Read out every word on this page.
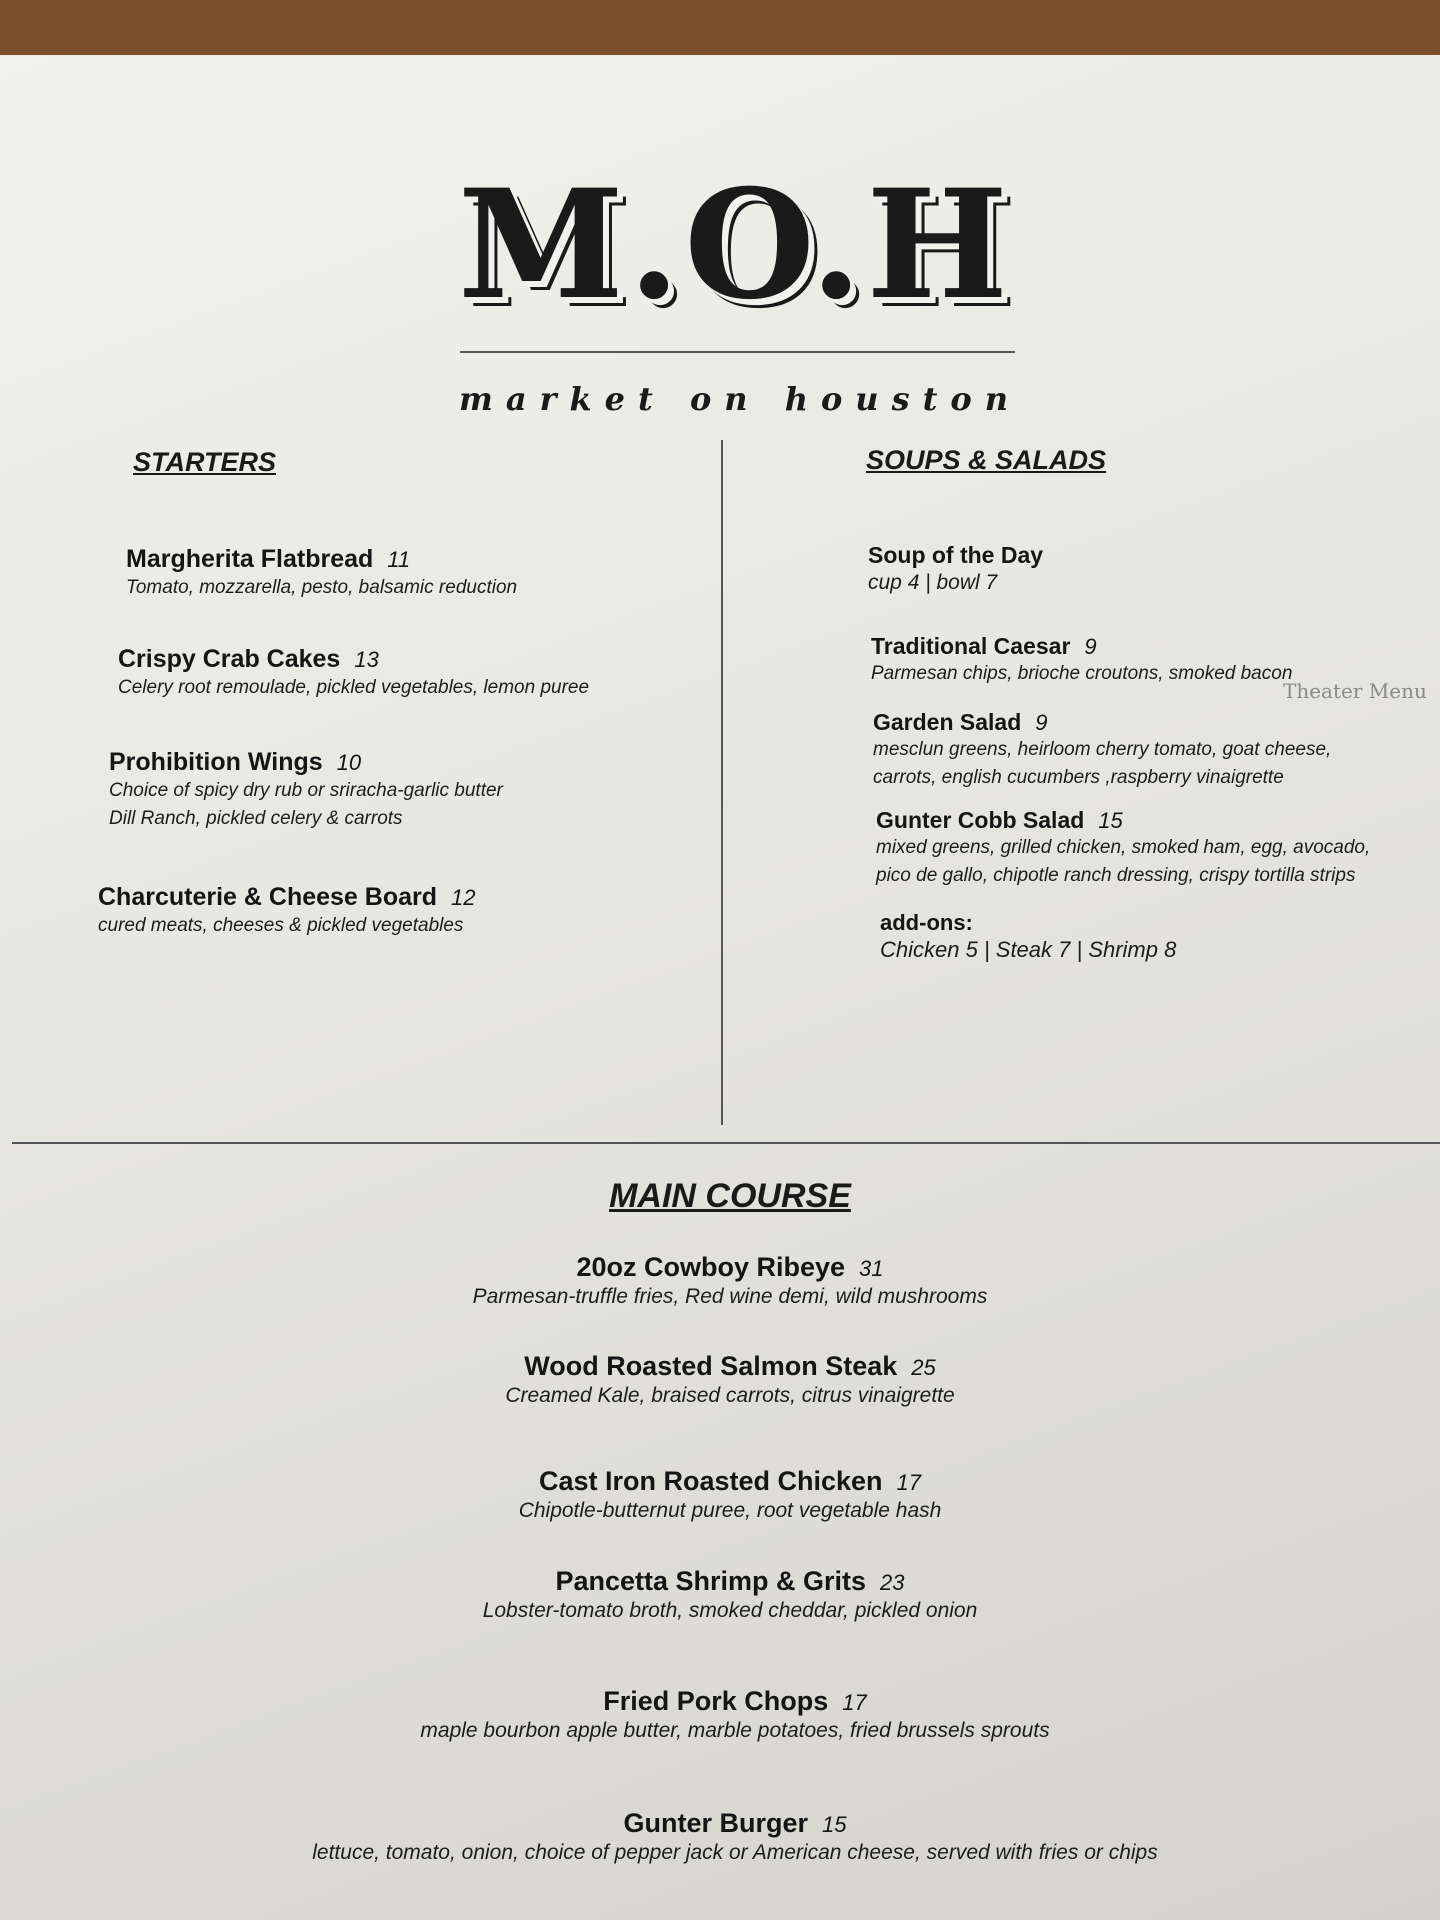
M.O.H
market on houston
STARTERS
Margherita Flatbread 11
Tomato, mozzarella, pesto, balsamic reduction
Crispy Crab Cakes 13
Celery root remoulade, pickled vegetables, lemon puree
Prohibition Wings 10
Choice of spicy dry rub or sriracha-garlic butter
Dill Ranch, pickled celery & carrots
Charcuterie & Cheese Board 12
cured meats, cheeses & pickled vegetables
SOUPS & SALADS
Theater Menu
Soup of the Day
cup 4 | bowl 7
Traditional Caesar 9
Parmesan chips, brioche croutons, smoked bacon
Garden Salad 9
mesclun greens, heirloom cherry tomato, goat cheese,
carrots, english cucumbers ,raspberry vinaigrette
Gunter Cobb Salad 15
mixed greens, grilled chicken, smoked ham, egg, avocado,
pico de gallo, chipotle ranch dressing, crispy tortilla strips
add-ons:
Chicken 5 | Steak 7 | Shrimp 8
MAIN COURSE
20oz Cowboy Ribeye 31
Parmesan-truffle fries, Red wine demi, wild mushrooms
Wood Roasted Salmon Steak 25
Creamed Kale, braised carrots, citrus vinaigrette
Cast Iron Roasted Chicken 17
Chipotle-butternut puree, root vegetable hash
Pancetta Shrimp & Grits 23
Lobster-tomato broth, smoked cheddar, pickled onion
Fried Pork Chops 17
maple bourbon apple butter, marble potatoes, fried brussels sprouts
Gunter Burger 15
lettuce, tomato, onion, choice of pepper jack or American cheese, served with fries or chips
